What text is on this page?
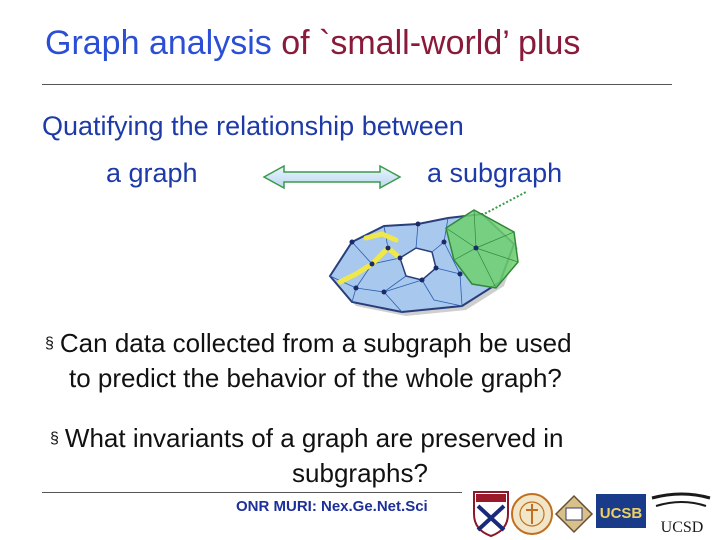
Graph analysis of `small-world’ plus
Quatifying the relationship between
a graph	a subgraph
§ Can data collected from a subgraph be used
to predict the behavior of the whole graph?
§ What invariants of a graph are preserved in
subgraphs?
ONR MURI: Nex.Ge.Net.Sci	UCSB
UCSD
